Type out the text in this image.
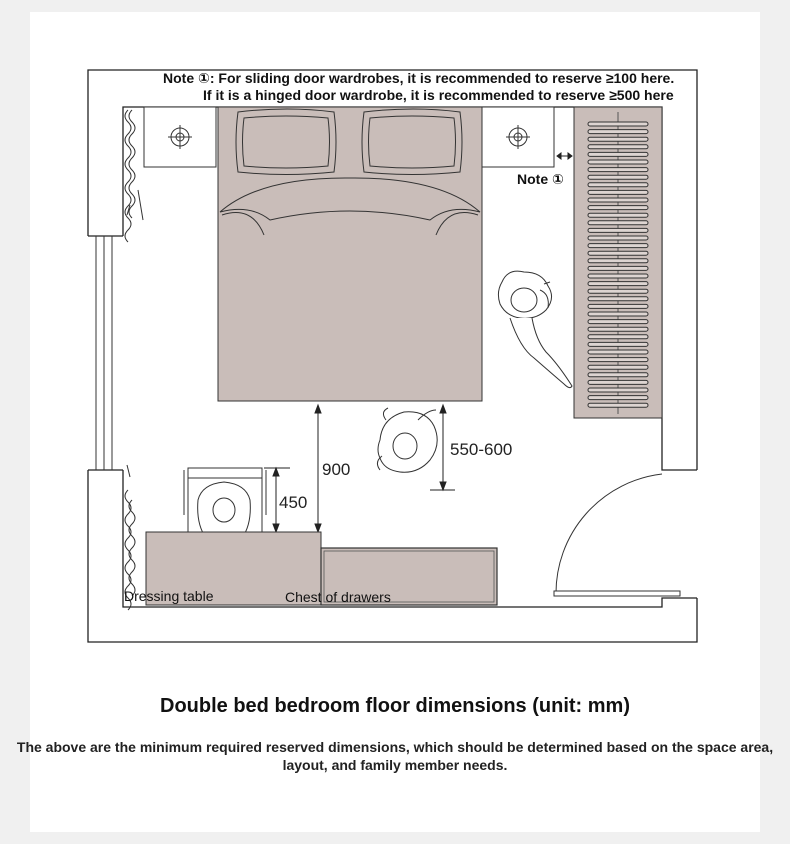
Note ①: For sliding door wardrobes, it is recommended to reserve ≥100 here.
If it is a hinged door wardrobe, it is recommended to reserve ≥500 here
Note ①
900
550-600
450
Dressing table	Chest of drawers
Double bed bedroom floor dimensions (unit: mm)
The above are the minimum required reserved dimensions, which should be determined based on the space area,
layout, and family member needs.
